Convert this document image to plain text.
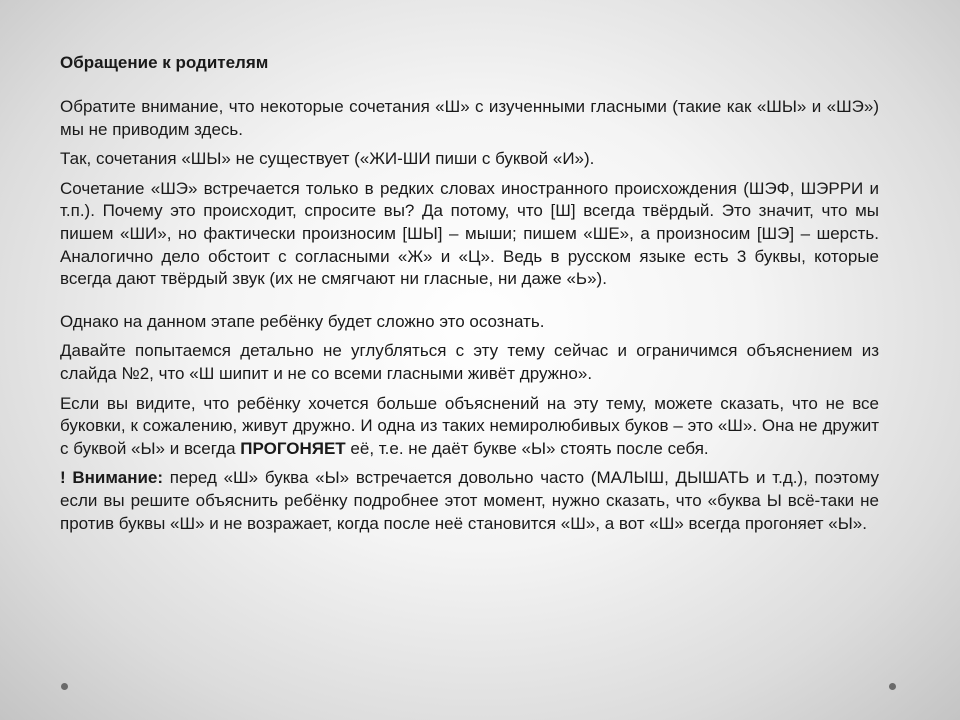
Обращение к родителям

Обратите внимание, что некоторые сочетания «Ш» с изученными гласными (такие как «ШЫ» и «ШЭ») мы не приводим здесь.

Так, сочетания «ШЫ» не существует («ЖИ-ШИ пиши с буквой «И»).

Сочетание «ШЭ» встречается только в редких словах иностранного происхождения (ШЭФ, ШЭРРИ и т.п.). Почему это происходит, спросите вы? Да потому, что [Ш] всегда твёрдый. Это значит, что мы пишем «ШИ», но фактически произносим [ШЫ] – мыши; пишем «ШЕ», а произносим [ШЭ] – шерсть. Аналогично дело обстоит с согласными «Ж» и «Ц». Ведь в русском языке есть 3 буквы, которые всегда дают твёрдый звук (их не смягчают ни гласные, ни даже «Ь»).

Однако на данном этапе ребёнку будет сложно это осознать.

Давайте попытаемся детально не углубляться с эту тему сейчас и ограничимся объяснением из слайда №2, что «Ш шипит и не со всеми гласными живёт дружно».

Если вы видите, что ребёнку хочется больше объяснений на эту тему, можете сказать, что не все буковки, к сожалению, живут дружно. И одна из таких немиролюбивых буков – это «Ш». Она не дружит с буквой «Ы» и всегда ПРОГОНЯЕТ её, т.е. не даёт букве «Ы» стоять после себя.

! Внимание: перед «Ш» буква «Ы» встречается довольно часто (МАЛЫШ, ДЫШАТЬ и т.д.), поэтому если вы решите объяснить ребёнку подробнее этот момент, нужно сказать, что «буква Ы всё-таки не против буквы «Ш» и не возражает, когда после неё становится «Ш», а вот «Ш» всегда прогоняет «Ы».
